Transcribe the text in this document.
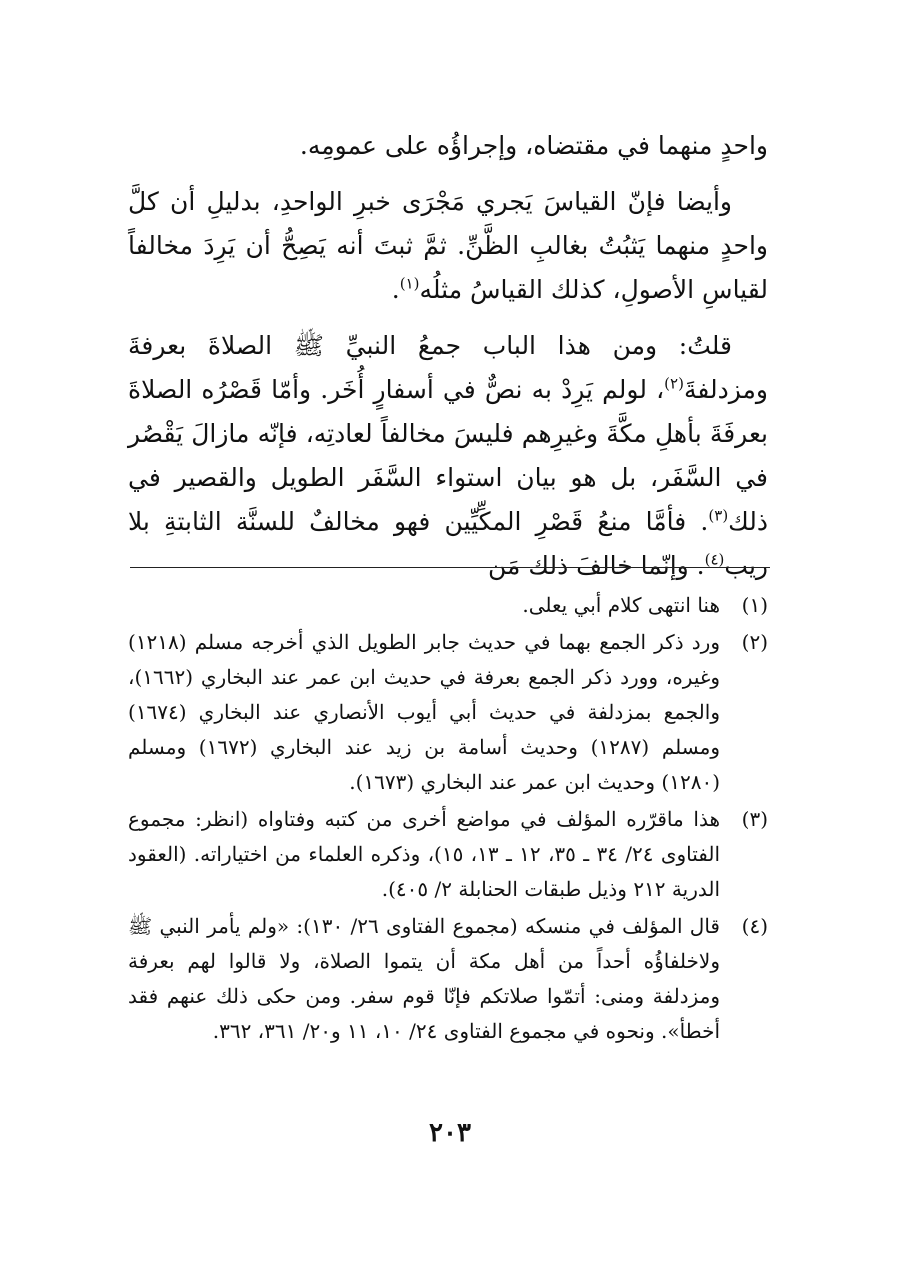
واحدٍ منهما في مقتضاه، وإجراؤُه على عمومِه.

وأيضا فإنّ القياسَ يَجري مَجْرَى خبرِ الواحدِ، بدليلِ أن كلَّ واحدٍ منهما يَثبُتُ بغالبِ الظَّنِّ. ثمَّ ثبتَ أنه يَصِحُّ أن يَرِدَ مخالفاً لقياسِ الأصولِ، كذلك القياسُ مثلُه$^{(١)}$.

قلتُ: ومن هذا الباب جمعُ النبيِّ ﷺ الصلاةَ بعرفةَ ومزدلفةَ$^{(٢)}$، لولم يَرِدْ به نصٌّ في أسفارٍ أُخَر. وأمّا قَصْرُه الصلاةَ بعرفَةَ بأهلِ مكَّةَ وغيرِهم فليسَ مخالفاً لعادتِه، فإنّه مازالَ يَقْصُر في السَّفَر، بل هو بيان استواء السَّفَر الطويل والقصير في ذلك$^{(٣)}$. فأمَّا منعُ قَصْرِ المكِّيِّين فهو مخالفٌ للسنَّة الثابتةِ بلا ريب$^{(٤)}$. وإنّما خالفَ ذلك مَن

(١)
هنا انتهى كلام أبي يعلى.
(٢)
ورد ذكر الجمع بهما في حديث جابر الطويل الذي أخرجه مسلم (١٢١٨) وغيره، وورد ذكر الجمع بعرفة في حديث ابن عمر عند البخاري (١٦٦٢)، والجمع بمزدلفة في حديث أبي أيوب الأنصاري عند البخاري (١٦٧٤) ومسلم (١٢٨٧) وحديث أسامة بن زيد عند البخاري (١٦٧٢) ومسلم (١٢٨٠) وحديث ابن عمر عند البخاري (١٦٧٣).
(٣)
هذا ماقرّره المؤلف في مواضع أخرى من كتبه وفتاواه (انظر: مجموع الفتاوى ٢٤/ ٣٤ ـ ٣٥، ١٢ ـ ١٣، ١٥)، وذكره العلماء من اختياراته. (العقود الدرية ٢١٢ وذيل طبقات الحنابلة ٢/ ٤٠٥).
(٤)
قال المؤلف في منسكه (مجموع الفتاوى ٢٦/ ١٣٠): «ولم يأمر النبي ﷺ ولاخلفاؤُه أحداً من أهل مكة أن يتموا الصلاة، ولا قالوا لهم بعرفة ومزدلفة ومنى: أتمّوا صلاتكم فإنّا قوم سفر. ومن حكى ذلك عنهم فقد أخطأ». ونحوه في مجموع الفتاوى ٢٤/ ١٠، ١١ و٢٠/ ٣٦١، ٣٦٢.
٢٠٣
